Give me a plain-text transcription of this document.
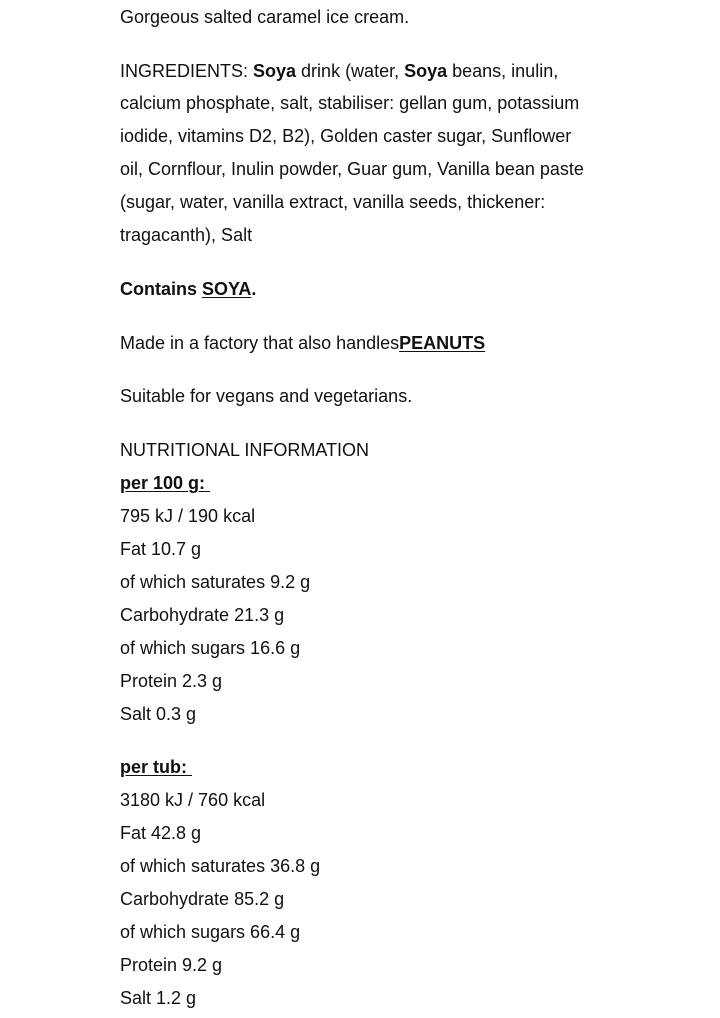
Gorgeous salted caramel ice cream.
INGREDIENTS: Soya drink (water, Soya beans, inulin,
calcium phosphate, salt, stabiliser: gellan gum, potassium
iodide, vitamins D2, B2), Golden caster sugar, Sunflower
oil, Cornflour, Inulin powder, Guar gum, Vanilla bean paste
(sugar, water, vanilla extract, vanilla seeds, thickener:
tragacanth), Salt
Contains SOYA.
Made in a factory that also handlesPEANUTS
Suitable for vegans and vegetarians.
NUTRITIONAL INFORMATION
per 100 g:
795 kJ / 190 kcal
Fat 10.7 g
of which saturates 9.2 g
Carbohydrate 21.3 g
of which sugars 16.6 g
Protein 2.3 g
Salt 0.3 g
per tub:
3180 kJ / 760 kcal
Fat 42.8 g
of which saturates 36.8 g
Carbohydrate 85.2 g
of which sugars 66.4 g
Protein 9.2 g
Salt 1.2 g
